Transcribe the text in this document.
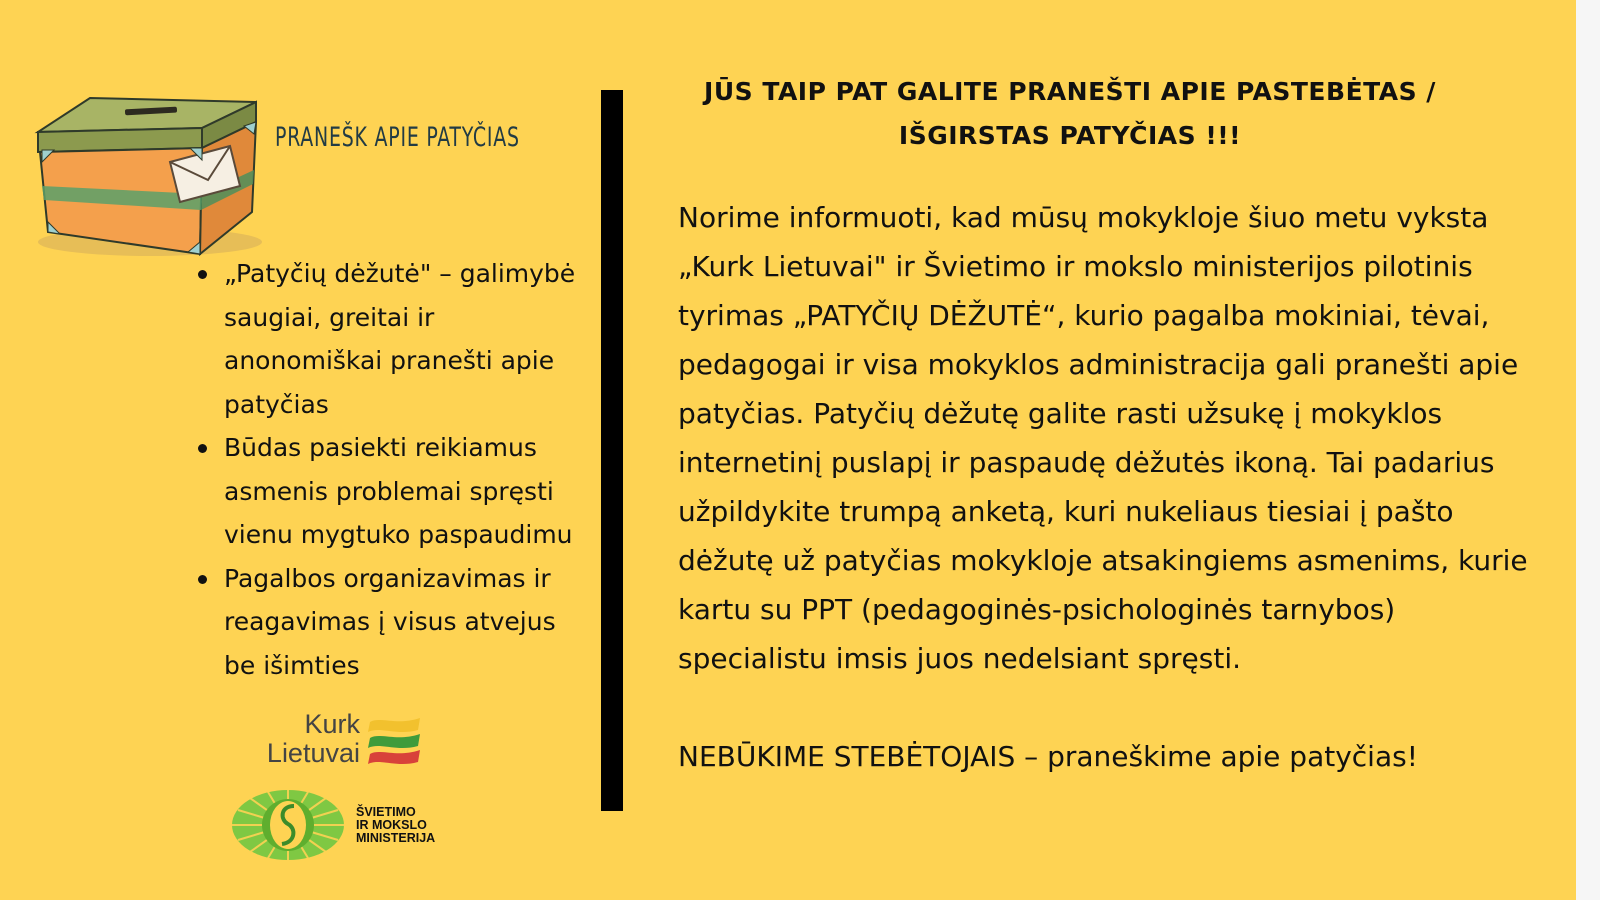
PRANEŠK APIE PATYČIAS
„Patyčių dėžutė" – galimybė saugiai, greitai ir anonomiškai pranešti apie patyčias
Būdas pasiekti reikiamus asmenis problemai spręsti vienu mygtuko paspaudimu
Pagalbos organizavimas ir reagavimas į visus atvejus be išimties
Kurk
Lietuvai
ŠVIETIMO
IR MOKSLO
MINISTERIJA
JŪS TAIP PAT GALITE PRANEŠTI APIE PASTEBĖTAS /
IŠGIRSTAS PATYČIAS !!!

Norime informuoti, kad mūsų mokykloje šiuo metu vyksta „Kurk Lietuvai" ir Švietimo ir mokslo ministerijos pilotinis tyrimas „PATYČIŲ DĖŽUTĖ“, kurio pagalba mokiniai, tėvai, pedagogai ir visa mokyklos administracija gali pranešti apie patyčias. Patyčių dėžutę galite rasti užsukę į mokyklos internetinį puslapį ir paspaudę dėžutės ikoną. Tai padarius užpildykite trumpą anketą, kuri nukeliaus tiesiai į pašto dėžutę už patyčias mokykloje atsakingiems asmenims, kurie kartu su PPT (pedagoginės-psichologinės tarnybos) specialistu imsis juos nedelsiant spręsti.

NEBŪKIME STEBĖTOJAIS – praneškime apie patyčias!
